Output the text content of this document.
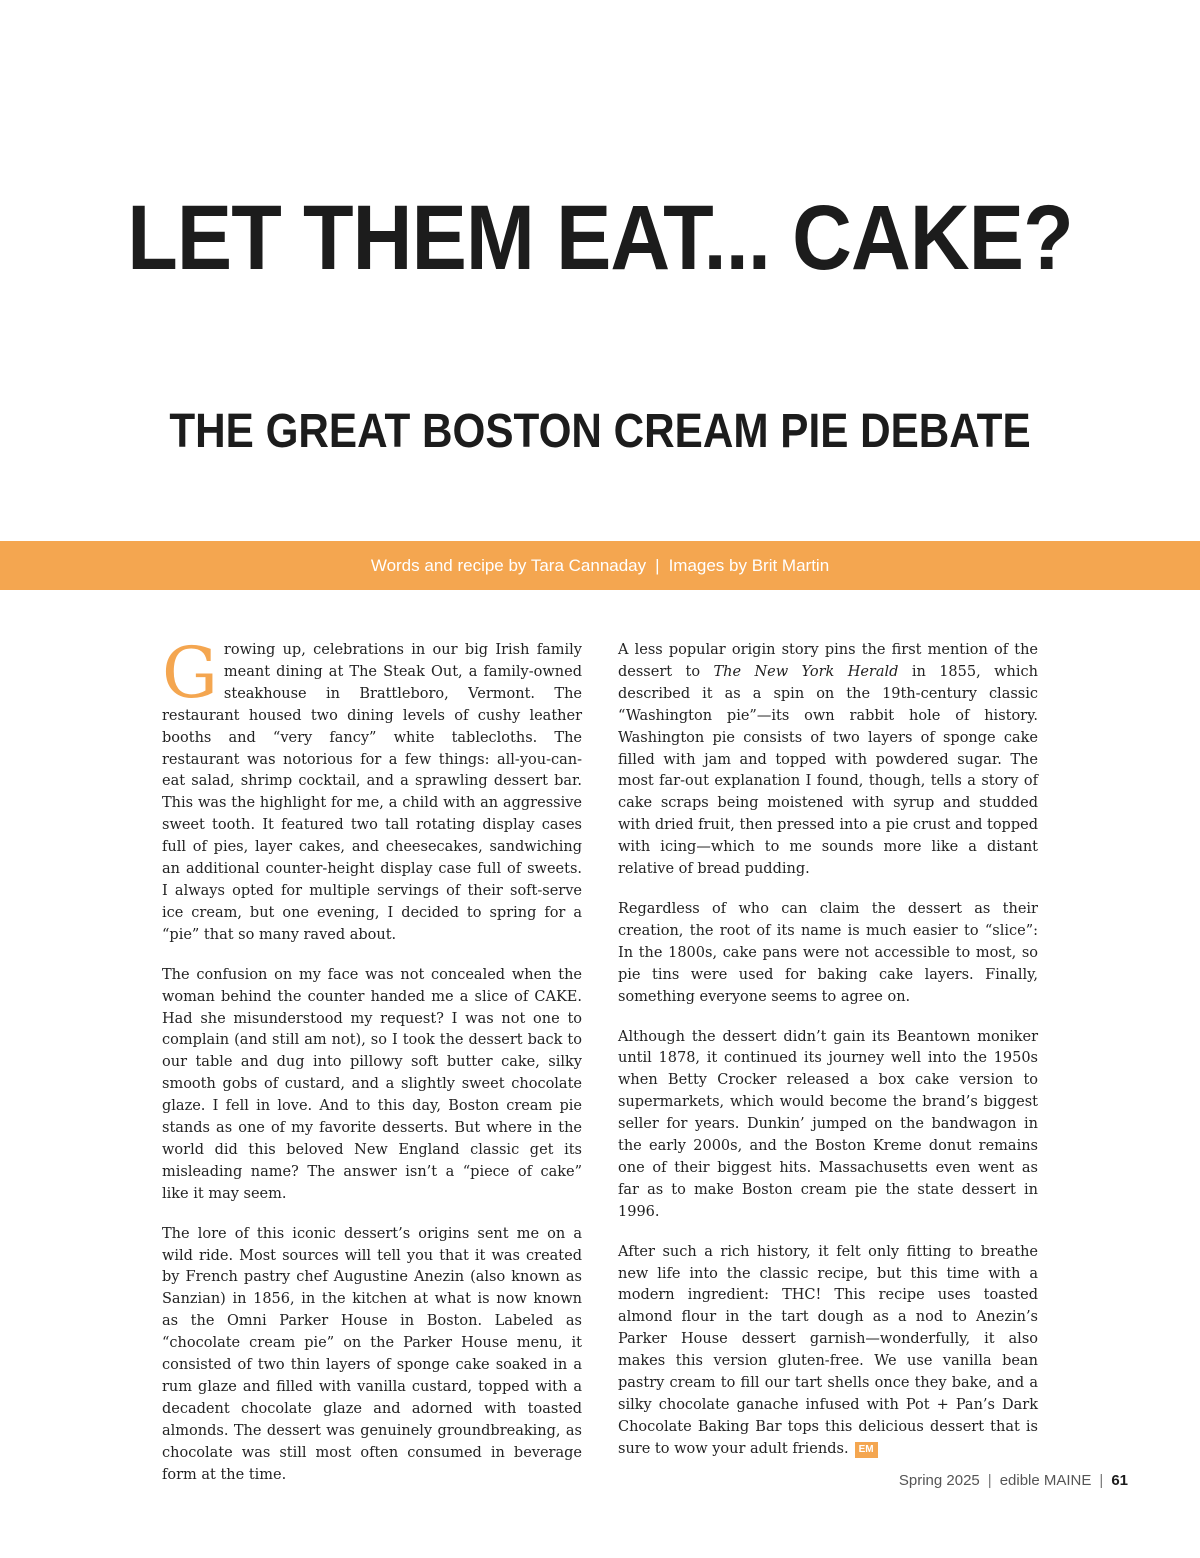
LET THEM EAT... CAKE?
THE GREAT BOSTON CREAM PIE DEBATE
Words and recipe by Tara Cannaday | Images by Brit Martin

Growing up, celebrations in our big Irish family meant dining at The Steak Out, a family-owned steakhouse in Brattleboro, Vermont. The restaurant housed two dining levels of cushy leather booths and “very fancy” white tablecloths. The restaurant was notorious for a few things: all-you-can-eat salad, shrimp cocktail, and a sprawling dessert bar. This was the highlight for me, a child with an aggressive sweet tooth. It featured two tall rotating display cases full of pies, layer cakes, and cheesecakes, sandwiching an additional counter-height display case full of sweets. I always opted for multiple servings of their soft-serve ice cream, but one evening, I decided to spring for a “pie” that so many raved about.

The confusion on my face was not concealed when the woman behind the counter handed me a slice of CAKE. Had she misunderstood my request? I was not one to complain (and still am not), so I took the dessert back to our table and dug into pillowy soft butter cake, silky smooth gobs of custard, and a slightly sweet chocolate glaze. I fell in love. And to this day, Boston cream pie stands as one of my favorite desserts. But where in the world did this beloved New England classic get its misleading name? The answer isn’t a “piece of cake” like it may seem.

The lore of this iconic dessert’s origins sent me on a wild ride. Most sources will tell you that it was created by French pastry chef Augustine Anezin (also known as Sanzian) in 1856, in the kitchen at what is now known as the Omni Parker House in Boston. Labeled as “chocolate cream pie” on the Parker House menu, it consisted of two thin layers of sponge cake soaked in a rum glaze and filled with vanilla custard, topped with a decadent chocolate glaze and adorned with toasted almonds. The dessert was genuinely groundbreaking, as chocolate was still most often consumed in beverage form at the time.

A less popular origin story pins the first mention of the dessert to The New York Herald in 1855, which described it as a spin on the 19th-century classic “Washington pie”—its own rabbit hole of history. Washington pie consists of two layers of sponge cake filled with jam and topped with powdered sugar. The most far-out explanation I found, though, tells a story of cake scraps being moistened with syrup and studded with dried fruit, then pressed into a pie crust and topped with icing—which to me sounds more like a distant relative of bread pudding.

Regardless of who can claim the dessert as their creation, the root of its name is much easier to “slice”: In the 1800s, cake pans were not accessible to most, so pie tins were used for baking cake layers. Finally, something everyone seems to agree on.

Although the dessert didn’t gain its Beantown moniker until 1878, it continued its journey well into the 1950s when Betty Crocker released a box cake version to supermarkets, which would become the brand’s biggest seller for years. Dunkin’ jumped on the bandwagon in the early 2000s, and the Boston Kreme donut remains one of their biggest hits. Massachusetts even went as far as to make Boston cream pie the state dessert in 1996.

After such a rich history, it felt only fitting to breathe new life into the classic recipe, but this time with a modern ingredient: THC! This recipe uses toasted almond flour in the tart dough as a nod to Anezin’s Parker House dessert garnish—wonderfully, it also makes this version gluten-free. We use vanilla bean pastry cream to fill our tart shells once they bake, and a silky chocolate ganache infused with Pot + Pan’s Dark Chocolate Baking Bar tops this delicious dessert that is sure to wow your adult friends. EM

Spring 2025 | edible MAINE | 61
